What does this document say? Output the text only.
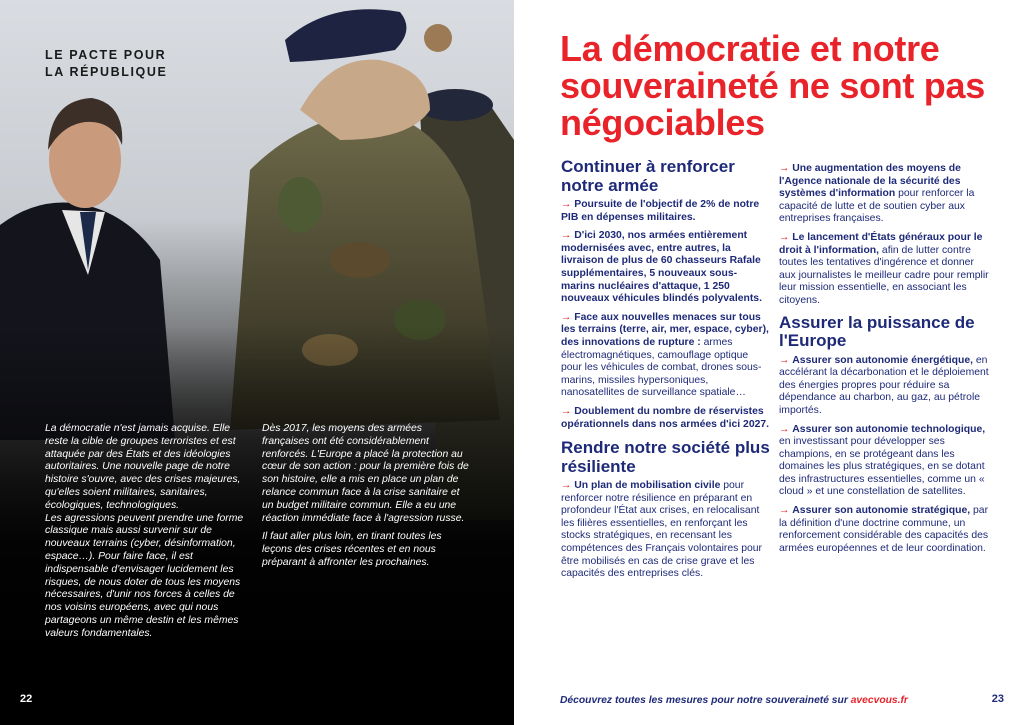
LE PACTE POUR
LA RÉPUBLIQUE

La démocratie n'est jamais acquise. Elle reste la cible de groupes terroristes et est attaquée par des États et des idéologies autoritaires. Une nouvelle page de notre histoire s'ouvre, avec des crises majeures, qu'elles soient militaires, sanitaires, écologiques, technologiques.

Les agressions peuvent prendre une forme classique mais aussi survenir sur de nouveaux terrains (cyber, désinformation, espace…). Pour faire face, il est indispensable d'envisager lucidement les risques, de nous doter de tous les moyens nécessaires, d'unir nos forces à celles de nos voisins européens, avec qui nous partageons un même destin et les mêmes valeurs fondamentales.

Dès 2017, les moyens des armées françaises ont été considérablement renforcés. L'Europe a placé la protection au cœur de son action : pour la première fois de son histoire, elle a mis en place un plan de relance commun face à la crise sanitaire et un budget militaire commun. Elle a eu une réaction immédiate face à l'agression russe.

Il faut aller plus loin, en tirant toutes les leçons des crises récentes et en nous préparant à affronter les prochaines.

22
La démocratie et notre souveraineté ne sont pas négociables
Continuer à renforcer notre armée
→ Poursuite de l'objectif de 2% de notre PIB en dépenses militaires.
→ D'ici 2030, nos armées entièrement modernisées avec, entre autres, la livraison de plus de 60 chasseurs Rafale supplémentaires, 5 nouveaux sous-marins nucléaires d'attaque, 1 250 nouveaux véhicules blindés polyvalents.
→ Face aux nouvelles menaces sur tous les terrains (terre, air, mer, espace, cyber), des innovations de rupture : armes électromagnétiques, camouflage optique pour les véhicules de combat, drones sous-marins, missiles hypersoniques, nanosatellites de surveillance spatiale…
→ Doublement du nombre de réservistes opérationnels dans nos armées d'ici 2027.
Rendre notre société plus résiliente
→ Un plan de mobilisation civile pour renforcer notre résilience en préparant en profondeur l'État aux crises, en relocalisant les filières essentielles, en renforçant les stocks stratégiques, en recensant les compétences des Français volontaires pour être mobilisés en cas de crise grave et les capacités des entreprises clés.
→ Une augmentation des moyens de l'Agence nationale de la sécurité des systèmes d'information pour renforcer la capacité de lutte et de soutien cyber aux entreprises françaises.
→ Le lancement d'États généraux pour le droit à l'information, afin de lutter contre toutes les tentatives d'ingérence et donner aux journalistes le meilleur cadre pour remplir leur mission essentielle, en associant les citoyens.
Assurer la puissance de l'Europe
→ Assurer son autonomie énergétique, en accélérant la décarbonation et le déploiement des énergies propres pour réduire sa dépendance au charbon, au gaz, au pétrole importés.
→ Assurer son autonomie technologique, en investissant pour développer ses champions, en se protégeant dans les domaines les plus stratégiques, en se dotant des infrastructures essentielles, comme un « cloud » et une constellation de satellites.
→ Assurer son autonomie stratégique, par la définition d'une doctrine commune, un renforcement considérable des capacités des armées européennes et de leur coordination.
Découvrez toutes les mesures pour notre souveraineté sur avecvous.fr	23
